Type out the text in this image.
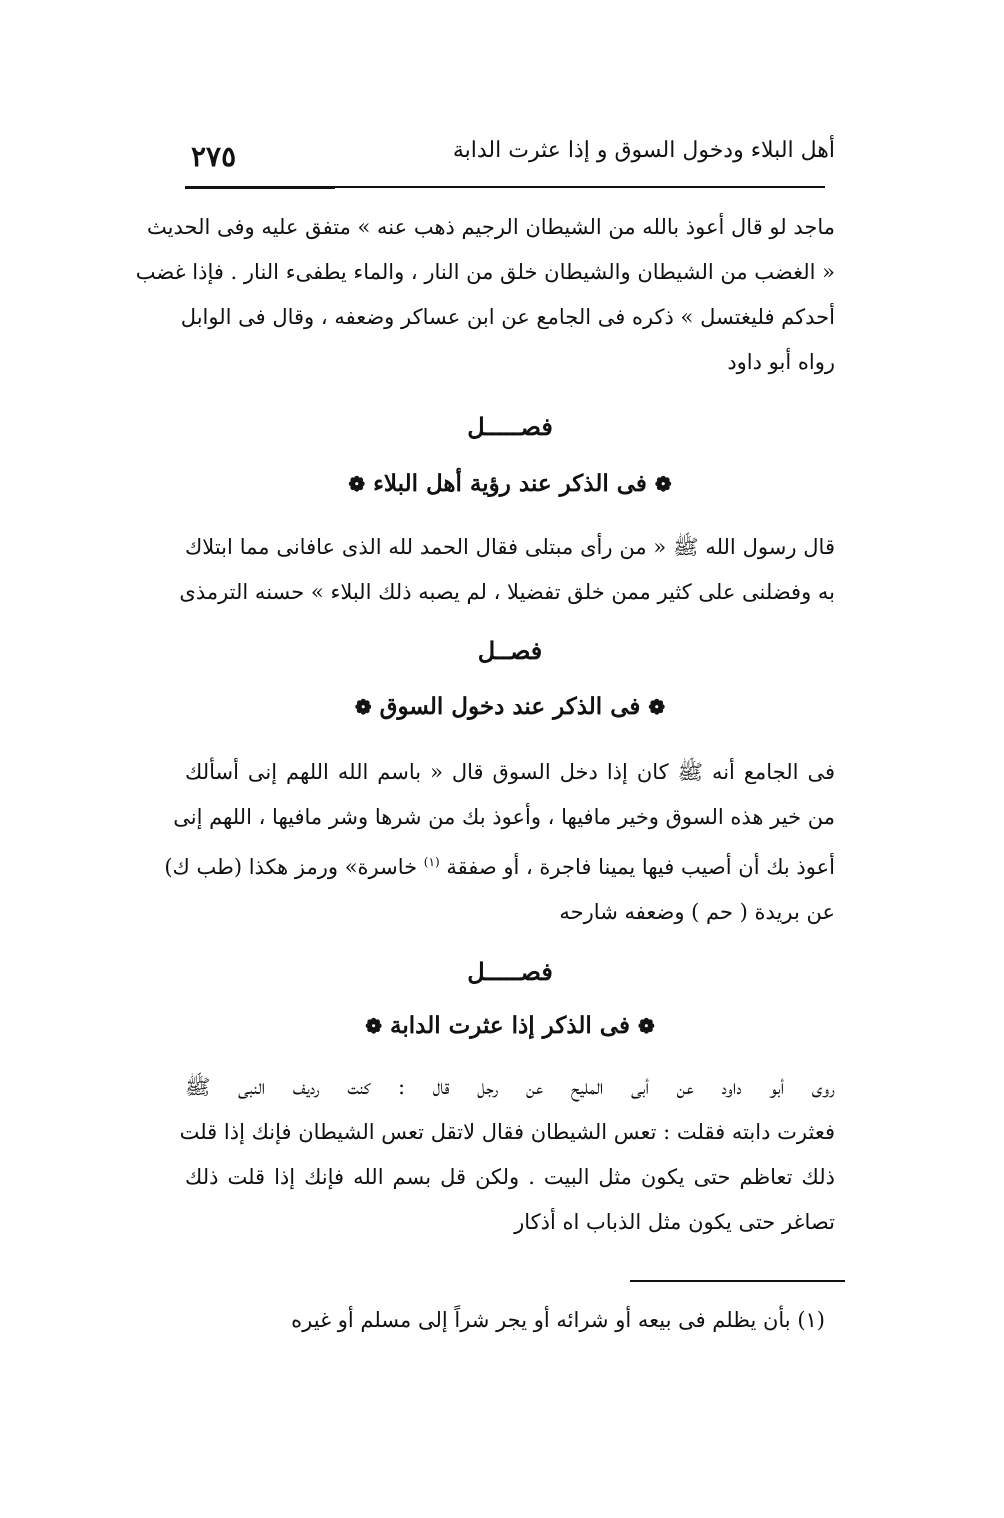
٢٧٥	أهل البلاء ودخول السوق و إذا عثرت الدابة
ماجد لو قال أعوذ بالله من الشيطان الرجيم ذهب عنه » متفق عليه وفى الحديث
« الغضب من الشيطان والشيطان خلق من النار ، والماء يطفىء النار . فإذا غضب
أحدكم فليغتسل » ذكره فى الجامع عن ابن عساكر وضعفه ، وقال فى الوابل
رواه أبو داود
فصـــــل
❁ فى الذكر عند رؤية أهل البلاء ❁
قال رسول الله ﷺ « من رأى مبتلى فقال الحمد لله الذى عافانى مما ابتلاك
به وفضلنى على كثير ممن خلق تفضيلا ، لم يصبه ذلك البلاء » حسنه الترمذى
فصــل
❁ فى الذكر عند دخول السوق ❁
فى الجامع أنه ﷺ كان إذا دخل السوق قال « باسم الله اللهم إنى أسألك
من خير هذه السوق وخير مافيها ، وأعوذ بك من شرها وشر مافيها ، اللهم إنى
أعوذ بك أن أصيب فيها يمينا فاجرة ، أو صفقة $^{(١)}$ خاسرة» ورمز هكذا (طب ك)
عن بريدة ( حم ) وضعفه شارحه
فصـــــل
❁ فى الذكر إذا عثرت الدابة ❁
روى أبو داود عن أبى المليح عن رجل قال : كنت رديف النبى ﷺ
فعثرت دابته فقلت : تعس الشيطان فقال لاتقل تعس الشيطان فإنك إذا قلت
ذلك تعاظم حتى يكون مثل البيت . ولكن قل بسم الله فإنك إذا قلت ذلك
تصاغر حتى يكون مثل الذباب اه أذكار
(١) بأن يظلم فى بيعه أو شرائه أو يجر شراً إلى مسلم أو غيره
